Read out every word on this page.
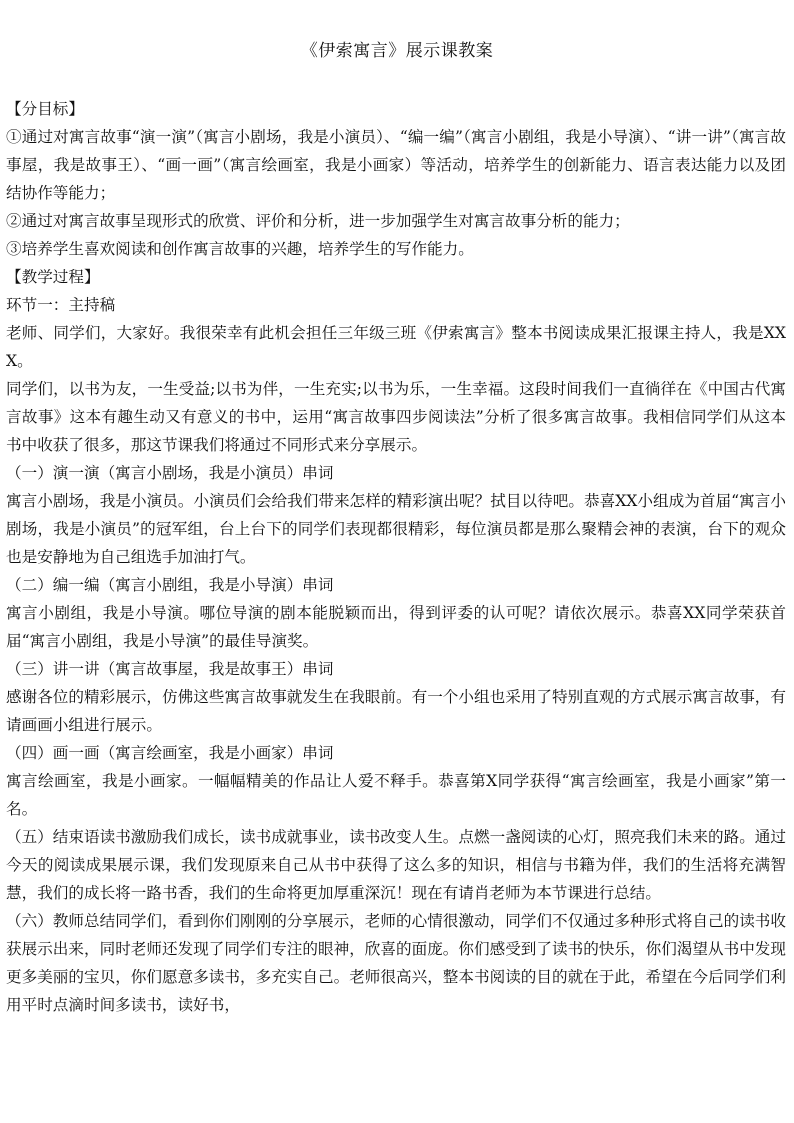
《伊索寓言》展示课教案

【分目标】

①通过对寓言故事“演一演”（寓言小剧场，我是小演员）、“编一编”（寓言小剧组，我是小导演）、“讲一讲”（寓言故事屋，我是故事王）、“画一画”（寓言绘画室，我是小画家）等活动，培养学生的创新能力、语言表达能力以及团结协作等能力；

②通过对寓言故事呈现形式的欣赏、评价和分析，进一步加强学生对寓言故事分析的能力；

③培养学生喜欢阅读和创作寓言故事的兴趣，培养学生的写作能力。

【教学过程】

环节一：主持稿

老师、同学们，大家好。我很荣幸有此机会担任三年级三班《伊索寓言》整本书阅读成果汇报课主持人，我是XXX。

同学们，以书为友，一生受益;以书为伴，一生充实;以书为乐，一生幸福。这段时间我们一直徜徉在《中国古代寓言故事》这本有趣生动又有意义的书中，运用“寓言故事四步阅读法”分析了很多寓言故事。我相信同学们从这本书中收获了很多，那这节课我们将通过不同形式来分享展示。

（一）演一演（寓言小剧场，我是小演员）串词

寓言小剧场，我是小演员。小演员们会给我们带来怎样的精彩演出呢？拭目以待吧。恭喜XX小组成为首届“寓言小剧场，我是小演员”的冠军组，台上台下的同学们表现都很精彩，每位演员都是那么聚精会神的表演，台下的观众也是安静地为自己组选手加油打气。

（二）编一编（寓言小剧组，我是小导演）串词

寓言小剧组，我是小导演。哪位导演的剧本能脱颖而出，得到评委的认可呢？请依次展示。恭喜XX同学荣获首届“寓言小剧组，我是小导演”的最佳导演奖。

（三）讲一讲（寓言故事屋，我是故事王）串词

感谢各位的精彩展示，仿佛这些寓言故事就发生在我眼前。有一个小组也采用了特别直观的方式展示寓言故事，有请画画小组进行展示。

（四）画一画（寓言绘画室，我是小画家）串词

寓言绘画室，我是小画家。一幅幅精美的作品让人爱不释手。恭喜第X同学获得“寓言绘画室，我是小画家”第一名。

（五）结束语读书激励我们成长，读书成就事业，读书改变人生。点燃一盏阅读的心灯，照亮我们未来的路。通过今天的阅读成果展示课，我们发现原来自己从书中获得了这么多的知识，相信与书籍为伴，我们的生活将充满智慧，我们的成长将一路书香，我们的生命将更加厚重深沉！现在有请肖老师为本节课进行总结。

（六）教师总结同学们，看到你们刚刚的分享展示，老师的心情很激动，同学们不仅通过多种形式将自己的读书收获展示出来，同时老师还发现了同学们专注的眼神，欣喜的面庞。你们感受到了读书的快乐，你们渴望从书中发现更多美丽的宝贝，你们愿意多读书，多充实自己。老师很高兴，整本书阅读的目的就在于此，希望在今后同学们利用平时点滴时间多读书，读好书，
